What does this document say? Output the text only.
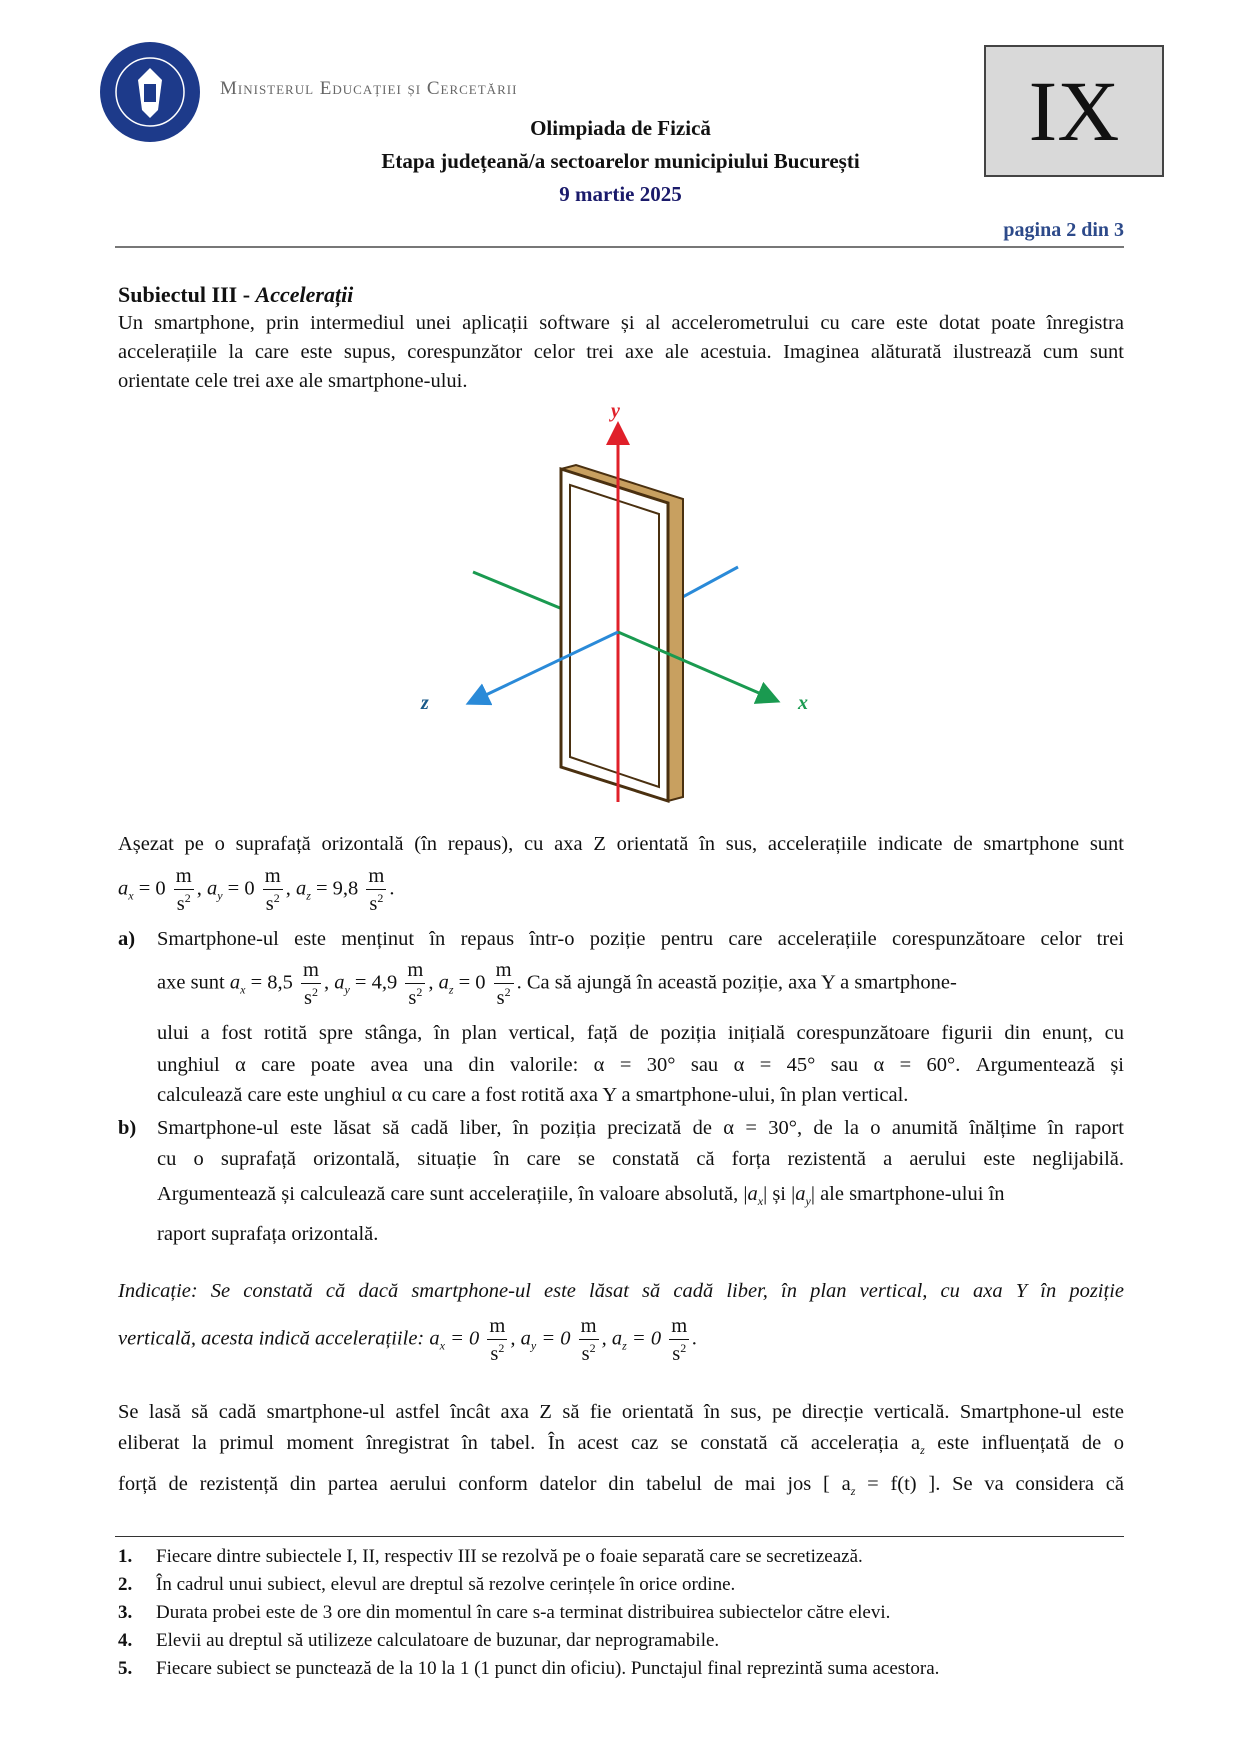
Ministerul Educației și Cercetării
Olimpiada de Fizică
Etapa județeană/a sectoarelor municipiului București
9 martie 2025
IX
pagina 2 din 3
Subiectul III - Accelerații
Un smartphone, prin intermediul unei aplicații software și al accelerometrului cu care este dotat poate înregistra
accelerațiile la care este supus, corespunzător celor trei axe ale acestuia. Imaginea alăturată ilustrează cum sunt
orientate cele trei axe ale smartphone-ului.
y
x
z
Așezat pe o suprafață orizontală (în repaus), cu axa Z orientată în sus, accelerațiile indicate de smartphone sunt
$a_x = 0 \frac{m}{s^2}$ , $a_y = 0 \frac{m}{s^2}$ , $a_z = 9,8 \frac{m}{s^2}$ .
a) Smartphone-ul este menținut în repaus într-o poziție pentru care accelerațiile corespunzătoare celor trei
axe sunt $a_x = 8,5 \frac{m}{s^2}$ , $a_y = 4,9 \frac{m}{s^2}$ , $a_z = 0 \frac{m}{s^2}$ . Ca să ajungă în această poziție, axa Y a smartphone-
ului a fost rotită spre stânga, în plan vertical, față de poziția inițială corespunzătoare figurii din enunț, cu
unghiul α care poate avea una din valorile: α = 30° sau α = 45° sau α = 60°. Argumentează și
calculează care este unghiul α cu care a fost rotită axa Y a smartphone-ului, în plan vertical.
b) Smartphone-ul este lăsat să cadă liber, în poziția precizată de α = 30°, de la o anumită înălțime în raport
cu o suprafață orizontală, situație în care se constată că forța rezistentă a aerului este neglijabilă.
Argumentează și calculează care sunt accelerațiile, în valoare absolută, $|a_x|$ și $|a_y|$ ale smartphone-ului în
raport suprafața orizontală.
Indicație: Se constată că dacă smartphone-ul este lăsat să cadă liber, în plan vertical, cu axa Y în poziție
verticală, acesta indică accelerațiile: $a_x = 0 \frac{m}{s^2}$ , $a_y = 0 \frac{m}{s^2}$ , $a_z = 0 \frac{m}{s^2}$ .
Se lasă să cadă smartphone-ul astfel încât axa Z să fie orientată în sus, pe direcție verticală. Smartphone-ul este
eliberat la primul moment înregistrat în tabel. În acest caz se constată că accelerația $a_z$ este influențată de o
forță de rezistență din partea aerului conform datelor din tabelul de mai jos [ $a_z = f(t)$ ]. Se va considera că
1. Fiecare dintre subiectele I, II, respectiv III se rezolvă pe o foaie separată care se secretizează.
2. În cadrul unui subiect, elevul are dreptul să rezolve cerințele în orice ordine.
3. Durata probei este de 3 ore din momentul în care s-a terminat distribuirea subiectelor către elevi.
4. Elevii au dreptul să utilizeze calculatoare de buzunar, dar neprogramabile.
5. Fiecare subiect se punctează de la 10 la 1 (1 punct din oficiu). Punctajul final reprezintă suma acestora.
